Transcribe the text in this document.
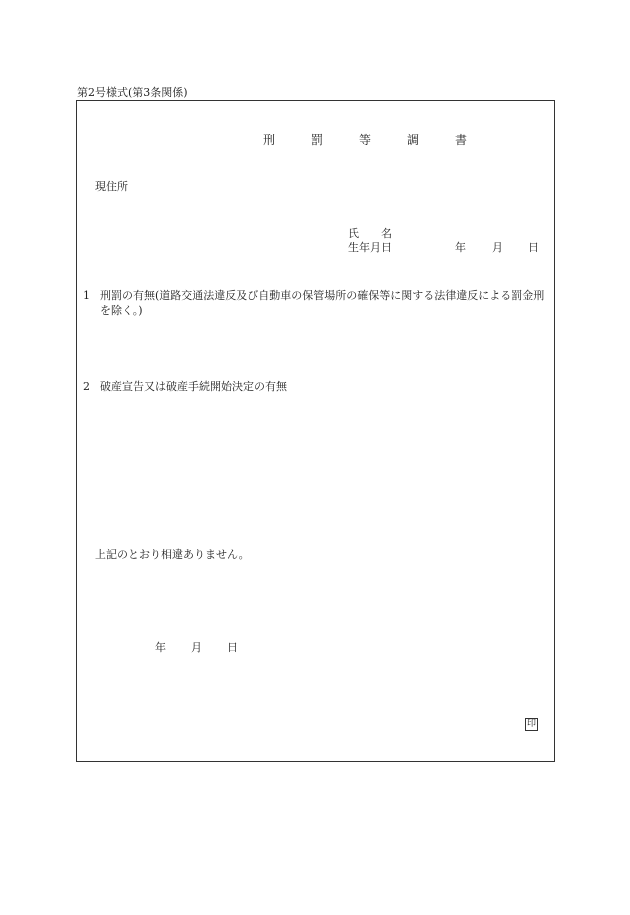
第2号様式(第3条関係)
刑　罰　等　調　書
現住所
氏　　名
生年月日	年 月 日
1 刑罰の有無(道路交通法違反及び自動車の保管場所の確保等に関する法律違反による罰金刑を除く。)
2 破産宣告又は破産手続開始決定の有無
上記のとおり相違ありません。
年 月 日
印
